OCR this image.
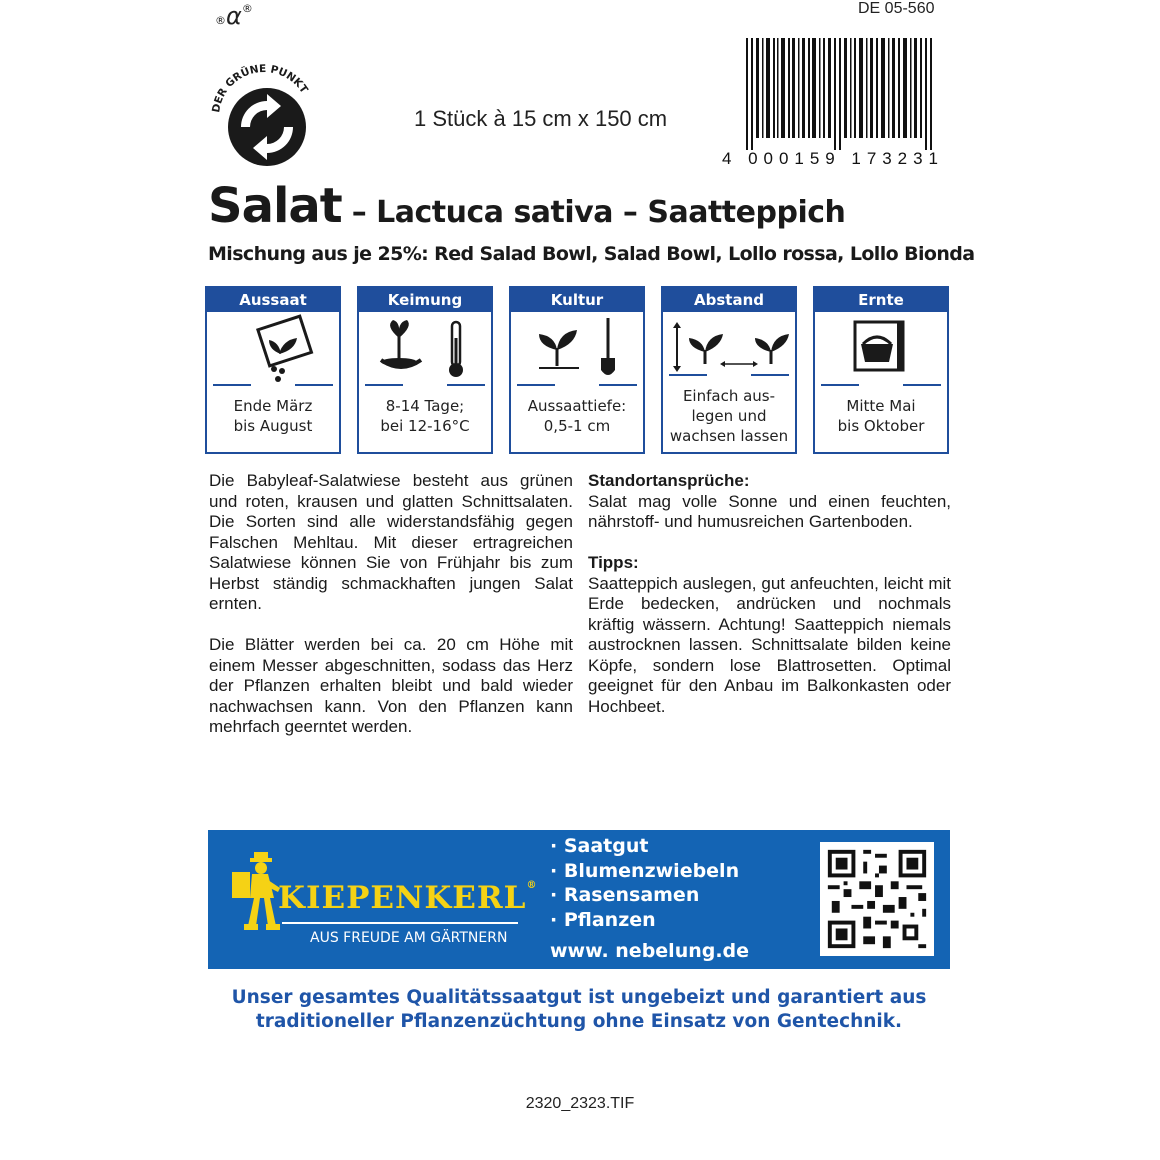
®α®	DE 05-560
DER GRÜNE PUNKT
1 Stück à 15 cm x 150 cm
4 000159 173231
Salat – Lactuca sativa – Saatteppich
Mischung aus je 25%: Red Salad Bowl, Salad Bowl, Lollo rossa, Lollo Bionda
Aussaat
Ende März
bis August
Keimung
8-14 Tage;
bei 12-16°C
Kultur
Aussaattiefe:
0,5-1 cm
Abstand
Einfach aus-
legen und
wachsen lassen
Ernte
Mitte Mai
bis Oktober

Die Babyleaf-Salatwiese besteht aus grünen und roten, krausen und glatten Schnittsalaten. Die Sorten sind alle widerstandsfähig gegen Falschen Mehltau. Mit dieser ertragreichen Salatwiese können Sie von Frühjahr bis zum Herbst ständig schmackhaften jungen Salat ernten.

Die Blätter werden bei ca. 20 cm Höhe mit einem Messer abgeschnitten, sodass das Herz der Pflanzen erhalten bleibt und bald wieder nachwachsen kann. Von den Pflanzen kann mehrfach geerntet werden.

Standortansprüche:

Salat mag volle Sonne und einen feuchten, nährstoff- und humusreichen Gartenboden.

Tipps:

Saatteppich auslegen, gut anfeuchten, leicht mit Erde bedecken, andrücken und nochmals kräftig wässern. Achtung! Saatteppich niemals austrocknen lassen. Schnittsalate bilden keine Köpfe, sondern lose Blattrosetten. Optimal geeignet für den Anbau im Balkonkasten oder Hochbeet.

KIEPENKERL®
AUS FREUDE AM GÄRTNERN
· Saatgut
· Blumenzwiebeln
· Rasensamen
· Pflanzen
www. nebelung.de
Unser gesamtes Qualitätssaatgut ist ungebeizt und garantiert aus
traditioneller Pflanzenzüchtung ohne Einsatz von Gentechnik.
2320_2323.TIF
